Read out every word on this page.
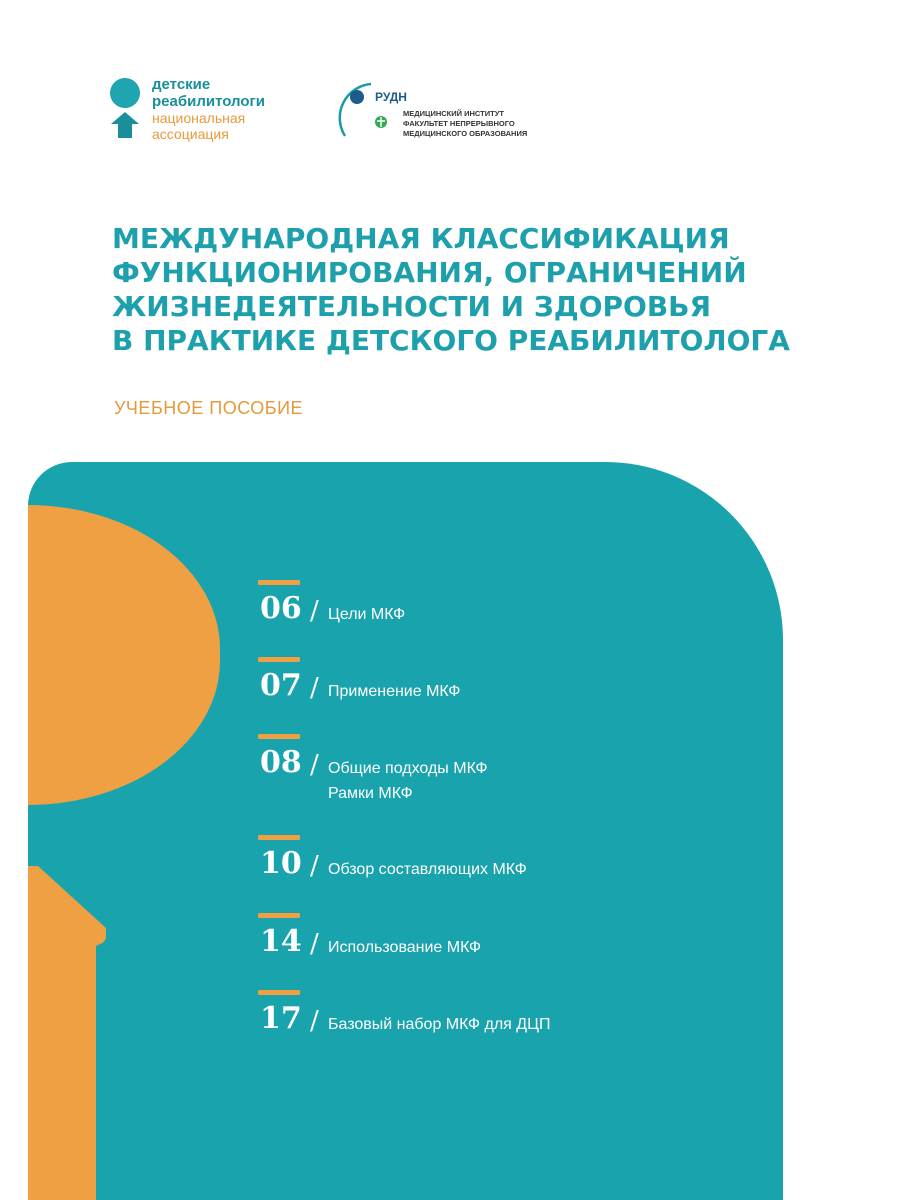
детские
реабилитологи
национальная
ассоциация
РУДН
МЕДИЦИНСКИЙ ИНСТИТУТ
ФАКУЛЬТЕТ НЕПРЕРЫВНОГО
МЕДИЦИНСКОГО ОБРАЗОВАНИЯ
МЕЖДУНАРОДНАЯ КЛАССИФИКАЦИЯ
ФУНКЦИОНИРОВАНИЯ, ОГРАНИЧЕНИЙ
ЖИЗНЕДЕЯТЕЛЬНОСТИ И ЗДОРОВЬЯ
В ПРАКТИКЕ ДЕТСКОГО РЕАБИЛИТОЛОГА
УЧЕБНОЕ ПОСОБИЕ
06 / Цели МКФ
07 / Применение МКФ
08 / Общие подходы МКФ
Рамки МКФ
10 / Обзор составляющих МКФ
14 / Использование МКФ
17 / Базовый набор МКФ для ДЦП
